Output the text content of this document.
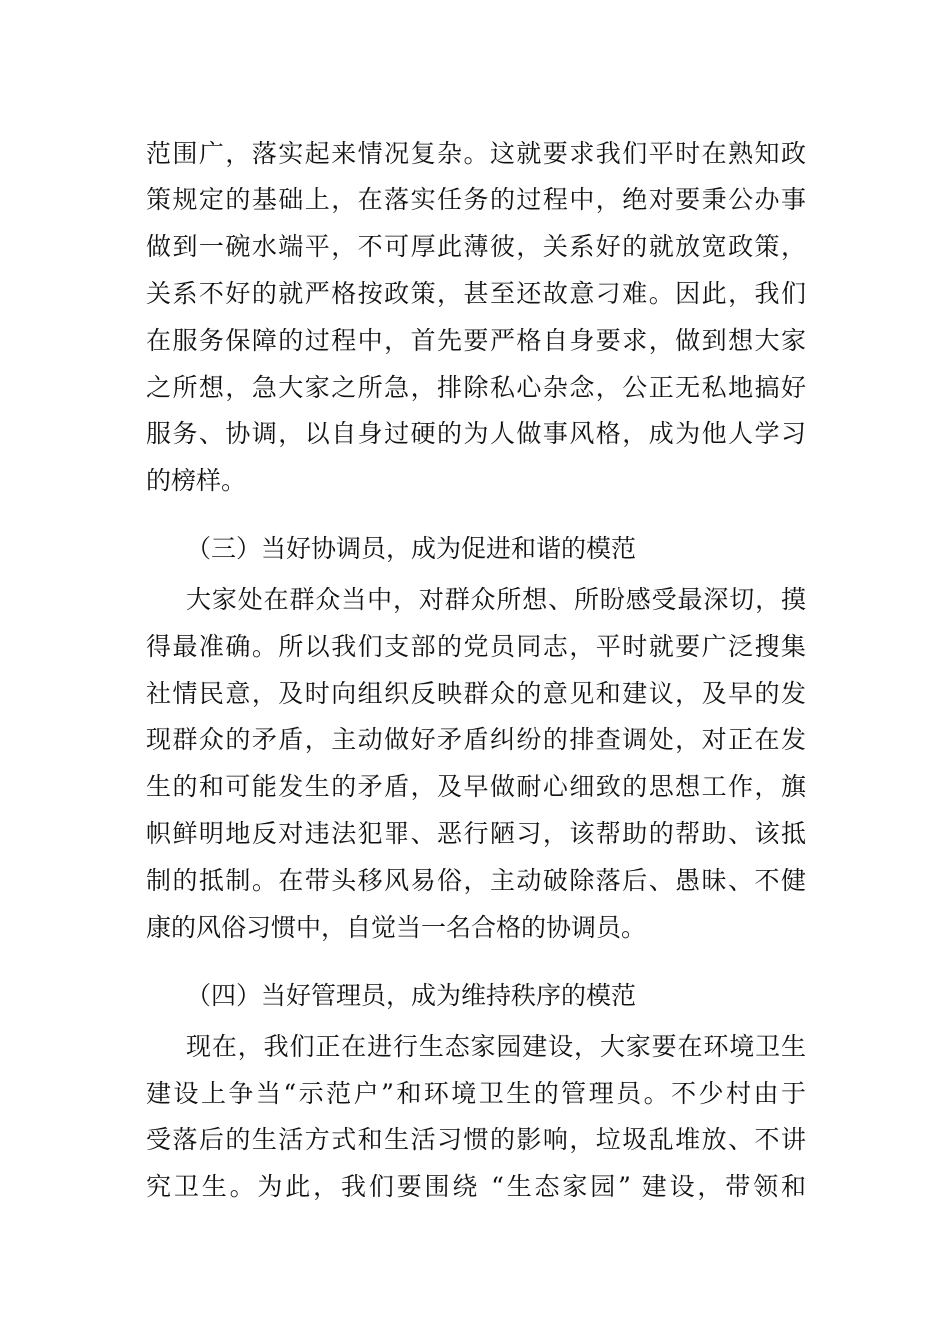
范围广，落实起来情况复杂。这就要求我们平时在熟知政
策规定的基础上，在落实任务的过程中，绝对要秉公办事
做到一碗水端平，不可厚此薄彼，关系好的就放宽政策，
关系不好的就严格按政策，甚至还故意刁难。因此，我们
在服务保障的过程中，首先要严格自身要求，做到想大家
之所想，急大家之所急，排除私心杂念，公正无私地搞好
服务、协调，以自身过硬的为人做事风格，成为他人学习
的榜样。
（三）当好协调员，成为促进和谐的模范
大家处在群众当中，对群众所想、所盼感受最深切，摸
得最准确。所以我们支部的党员同志，平时就要广泛搜集
社情民意，及时向组织反映群众的意见和建议，及早的发
现群众的矛盾，主动做好矛盾纠纷的排查调处，对正在发
生的和可能发生的矛盾，及早做耐心细致的思想工作，旗
帜鲜明地反对违法犯罪、恶行陋习，该帮助的帮助、该抵
制的抵制。在带头移风易俗，主动破除落后、愚昧、不健
康的风俗习惯中，自觉当一名合格的协调员。
（四）当好管理员，成为维持秩序的模范
现在，我们正在进行生态家园建设，大家要在环境卫生
建设上争当“示范户”和环境卫生的管理员。不少村由于
受落后的生活方式和生活习惯的影响，垃圾乱堆放、不讲
究卫生。为此，我们要围绕 “生态家园” 建设，带领和
